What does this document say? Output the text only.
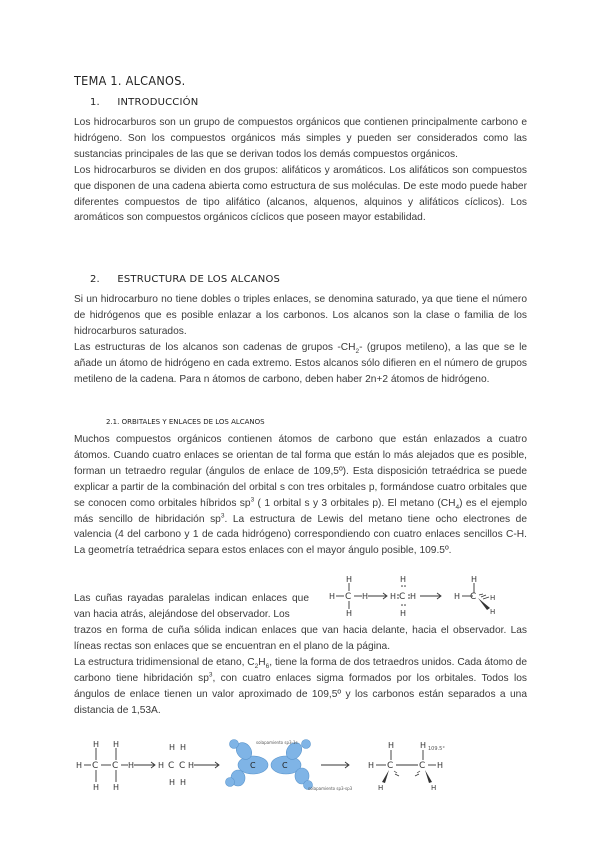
TEMA 1. ALCANOS.
1. INTRODUCCIÓN

Los hidrocarburos son un grupo de compuestos orgánicos que contienen principalmente carbono e hidrógeno. Son los compuestos orgánicos más simples y pueden ser considerados como las sustancias principales de las que se derivan todos los demás compuestos orgánicos.

Los hidrocarburos se dividen en dos grupos: alifáticos y aromáticos. Los alifáticos son compuestos que disponen de una cadena abierta como estructura de sus moléculas. De este modo puede haber diferentes compuestos de tipo alifático (alcanos, alquenos, alquinos y alifáticos cíclicos). Los aromáticos son compuestos orgánicos cíclicos que poseen mayor estabilidad.

2. ESTRUCTURA DE LOS ALCANOS

Si un hidrocarburo no tiene dobles o triples enlaces, se denomina saturado, ya que tiene el número de hidrógenos que es posible enlazar a los carbonos. Los alcanos son la clase o familia de los hidrocarburos saturados.

Las estructuras de los alcanos son cadenas de grupos $-CH_2-$ (grupos metileno), a las que se le añade un átomo de hidrógeno en cada extremo. Estos alcanos sólo difieren en el número de grupos metileno de la cadena. Para n átomos de carbono, deben haber 2n+2 átomos de hidrógeno.

2.1. ORBITALES Y ENLACES DE LOS ALCANOS

Muchos compuestos orgánicos contienen átomos de carbono que están enlazados a cuatro átomos. Cuando cuatro enlaces se orientan de tal forma que están lo más alejados que es posible, forman un tetraedro regular (ángulos de enlace de 109,5º). Esta disposición tetraédrica se puede explicar a partir de la combinación del orbital s con tres orbitales p, formándose cuatro orbitales que se conocen como orbitales híbridos $sp^3$ ( 1 orbital s y 3 orbitales p). El metano $(CH_4)$ es el ejemplo más sencillo de hibridación $sp^3$. La estructura de Lewis del metano tiene ocho electrones de valencia (4 del carbono y 1 de cada hidrógeno) correspondiendo con cuatro enlaces sencillos C-H. La geometría tetraédrica separa estos enlaces con el mayor ángulo posible, 109.5º.

Las cuñas rayadas paralelas indican enlaces que van hacia atrás, alejándose del observador. Los

trazos en forma de cuña sólida indican enlaces que van hacia delante, hacia el observador. Las líneas rectas son enlaces que se encuentran en el plano de la página.

La estructura tridimensional de etano, $C_2H_6$, tiene la forma de dos tetraedros unidos. Cada átomo de carbono tiene hibridación $sp^3$, con cuatro enlaces sigma formados por los orbitales. Todos los ángulos de enlace tienen un valor aproximado de 109,5º y los carbonos están separados a una distancia de 1,53A.

H
C
H	H
H
H
C
H H
H
H
H C
H
H
H H
H C C H
H H
H C C H
H H
H H
C	C
solapamiento sp3-1s
solapamiento sp3-sp3
H C	C H
H	H
H	H
109.5°
